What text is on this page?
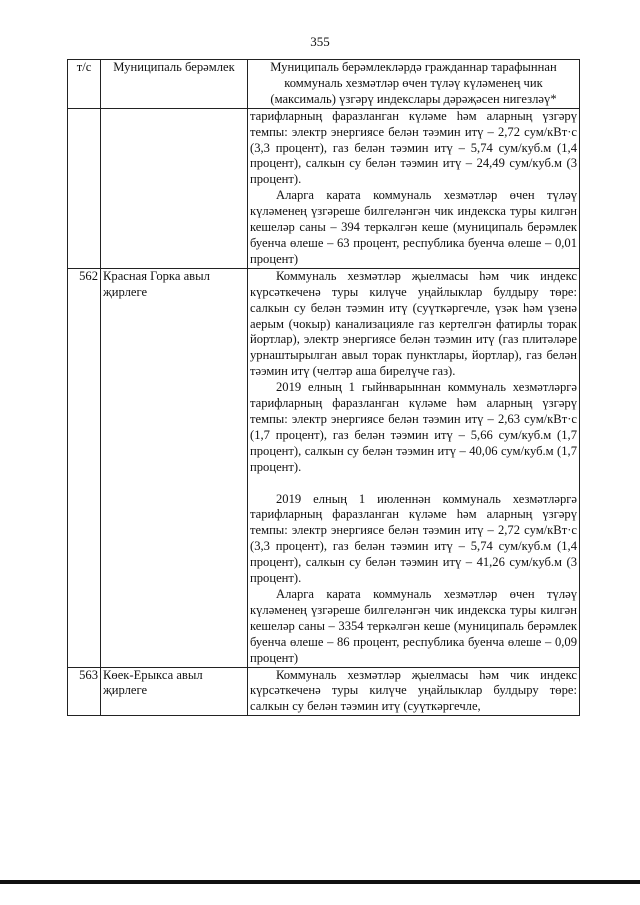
355
т/с	Муниципаль берәмлек	Муниципаль берәмлекләрдә гражданнар тарафыннан коммуналь хезмәтләр өчен түләү күләменең чик (максималь) үзгәрү индекслары дәрәҗәсен нигезләү*

		тарифларның фаразланган күләме һәм аларның үзгәрү темпы: электр энергиясе белән тәэмин итү – 2,72 сум/кВт·с (3,3 процент), газ белән тәэмин итү – 5,74 сум/куб.м (1,4 процент), салкын су белән тәэмин итү – 24,49 сум/куб.м (3 процент).

Аларга карата коммуналь хезмәтләр өчен түләү күләменең үзгәреше билгеләнгән чик индекска туры килгән кешеләр саны – 394 теркәлгән кеше (муниципаль берәмлек буенча өлеше – 63 процент, республика буенча өлеше – 0,01 процент)

562	Красная Горка авыл җирлеге	Коммуналь хезмәтләр җыелмасы һәм чик индекс күрсәткеченә туры килүче уңайлыклар булдыру төре: салкын су белән тәэмин итү (суүткәргечле, үзәк һәм үзенә аерым (чокыр) канализацияле газ кертелгән фатирлы торак йортлар), электр энергиясе белән тәэмин итү (газ плитәләре урнаштырылган авыл торак пунктлары, йортлар), газ белән тәэмин итү (челтәр аша бирелүче газ).

2019 елның 1 гыйнварыннан коммуналь хезмәтләргә тарифларның фаразланган күләме һәм аларның үзгәрү темпы: электр энергиясе белән тәэмин итү – 2,63 сум/кВт·с (1,7 процент), газ белән тәэмин итү – 5,66 сум/куб.м (1,7 процент), салкын су белән тәэмин итү – 40,06 сум/куб.м (1,7 процент).

2019 елның 1 июленнән коммуналь хезмәтләргә тарифларның фаразланган күләме һәм аларның үзгәрү темпы: электр энергиясе белән тәэмин итү – 2,72 сум/кВт·с (3,3 процент), газ белән тәэмин итү – 5,74 сум/куб.м (1,4 процент), салкын су белән тәэмин итү – 41,26 сум/куб.м (3 процент).

Аларга карата коммуналь хезмәтләр өчен түләү күләменең үзгәреше билгеләнгән чик индекска туры килгән кешеләр саны – 3354 теркәлгән кеше (муниципаль берәмлек буенча өлеше – 86 процент, республика буенча өлеше – 0,09 процент)

563	Көек-Ерыкса авыл җирлеге	Коммуналь хезмәтләр җыелмасы һәм чик индекс күрсәткеченә туры килүче уңайлыклар булдыру төре: салкын су белән тәэмин итү (суүткәргечле,
